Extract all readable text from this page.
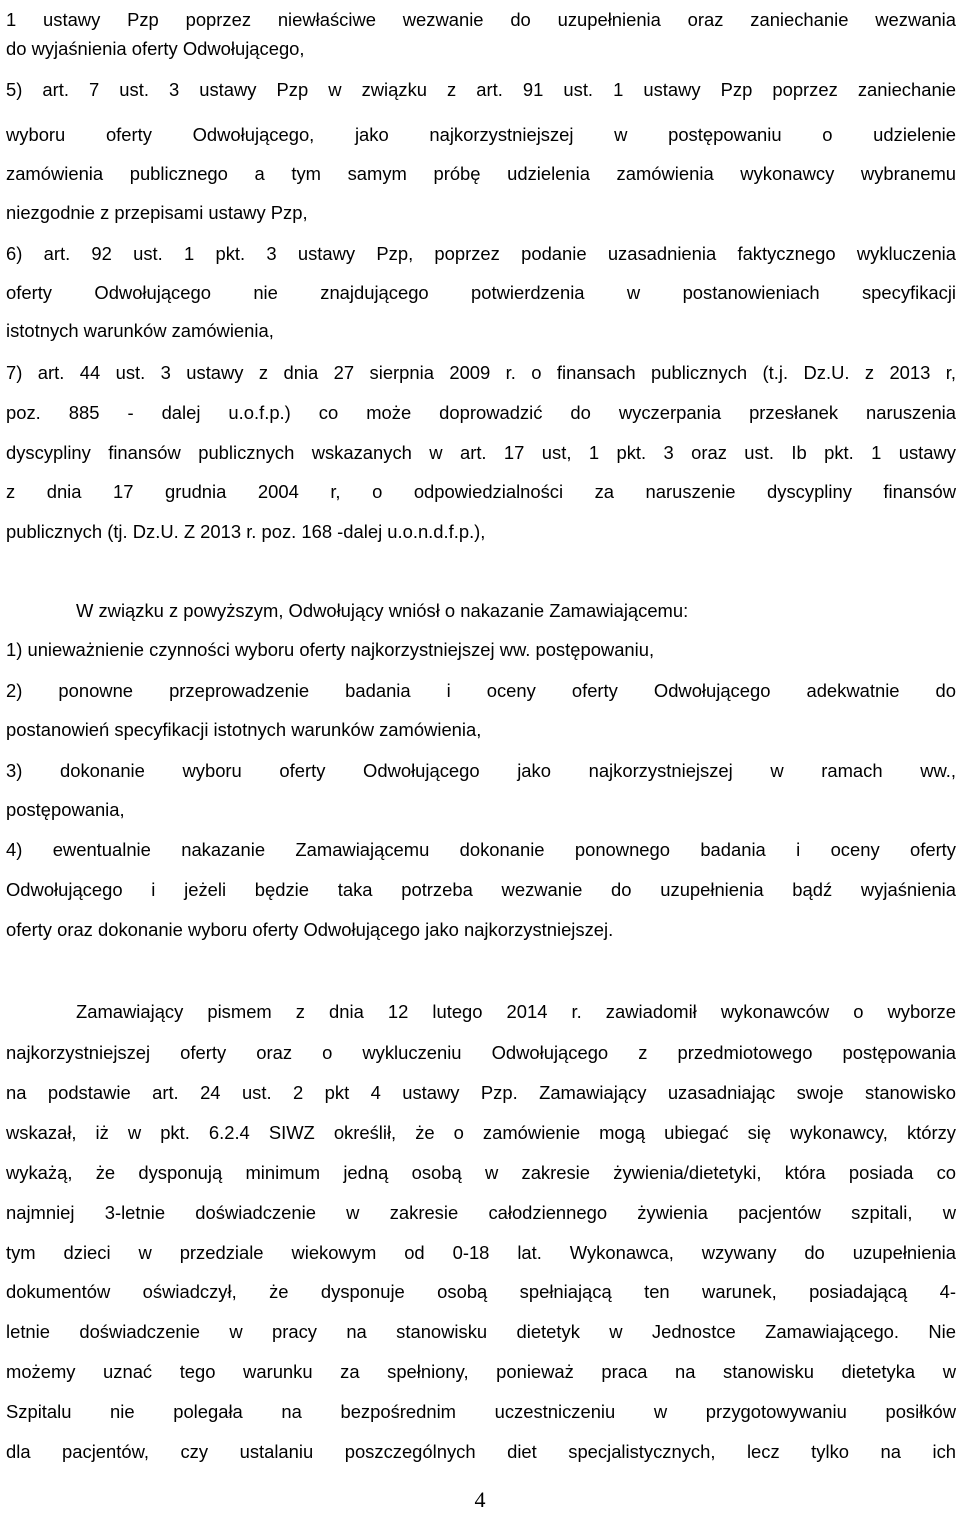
1 ustawy Pzp poprzez niewłaściwe wezwanie do uzupełnienia oraz zaniechanie wezwania

do wyjaśnienia oferty Odwołującego,

5) art. 7 ust. 3 ustawy Pzp w związku z art. 91 ust. 1 ustawy Pzp poprzez zaniechanie

wyboru oferty Odwołującego, jako najkorzystniejszej w postępowaniu o udzielenie

zamówienia publicznego a tym samym próbę udzielenia zamówienia wykonawcy wybranemu

niezgodnie z przepisami ustawy Pzp,

6) art. 92 ust. 1 pkt. 3 ustawy Pzp, poprzez podanie uzasadnienia faktycznego wykluczenia

oferty Odwołującego nie znajdującego potwierdzenia w postanowieniach specyfikacji

istotnych warunków zamówienia,

7) art. 44 ust. 3 ustawy z dnia 27 sierpnia 2009 r. o finansach publicznych (t.j. Dz.U. z 2013 r,

poz. 885 - dalej u.o.f.p.) co może doprowadzić do wyczerpania przesłanek naruszenia

dyscypliny finansów publicznych wskazanych w art. 17 ust, 1 pkt. 3 oraz ust. Ib pkt. 1 ustawy

z dnia 17 grudnia 2004 r, o odpowiedzialności za naruszenie dyscypliny finansów

publicznych (tj. Dz.U. Z 2013 r. poz. 168 -dalej u.o.n.d.f.p.),

W związku z powyższym, Odwołujący wniósł o nakazanie Zamawiającemu:

1) unieważnienie czynności wyboru oferty najkorzystniejszej ww. postępowaniu,

2) ponowne przeprowadzenie badania i oceny oferty Odwołującego adekwatnie do

postanowień specyfikacji istotnych warunków zamówienia,

3) dokonanie wyboru oferty Odwołującego jako najkorzystniejszej w ramach ww.,

postępowania,

4) ewentualnie nakazanie Zamawiającemu dokonanie ponownego badania i oceny oferty

Odwołującego i jeżeli będzie taka potrzeba wezwanie do uzupełnienia bądź wyjaśnienia

oferty oraz dokonanie wyboru oferty Odwołującego jako najkorzystniejszej.

Zamawiający pismem z dnia 12 lutego 2014 r. zawiadomił wykonawców o wyborze

najkorzystniejszej oferty oraz o wykluczeniu Odwołującego z przedmiotowego postępowania

na podstawie art. 24 ust. 2 pkt 4 ustawy Pzp. Zamawiający uzasadniając swoje stanowisko

wskazał, iż w pkt. 6.2.4 SIWZ określił, że o zamówienie mogą ubiegać się wykonawcy, którzy

wykażą, że dysponują minimum jedną osobą w zakresie żywienia/dietetyki, która posiada co

najmniej 3-letnie doświadczenie w zakresie całodziennego żywienia pacjentów szpitali, w

tym dzieci w przedziale wiekowym od 0-18 lat. Wykonawca, wzywany do uzupełnienia

dokumentów oświadczył, że dysponuje osobą spełniającą ten warunek, posiadającą 4-

letnie doświadczenie w pracy na stanowisku dietetyk w Jednostce Zamawiającego. Nie

możemy uznać tego warunku za spełniony, ponieważ praca na stanowisku dietetyka w

Szpitalu nie polegała na bezpośrednim uczestniczeniu w przygotowywaniu posiłków

dla pacjentów, czy ustalaniu poszczególnych diet specjalistycznych, lecz tylko na ich

4
